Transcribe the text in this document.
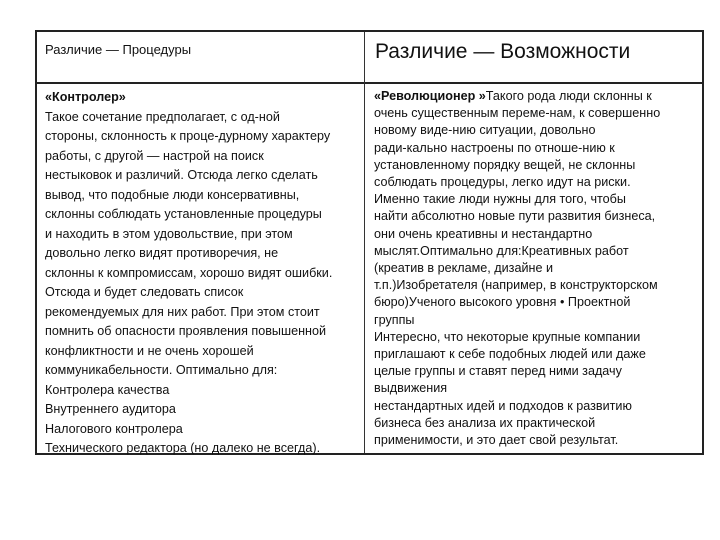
Различие — Процедуры	Различие — Возможности
«Контролер»
Такое сочетание предполагает, с од-ной
стороны, склонность к проце-дурному характеру
работы, с другой — настрой на поиск
нестыковок и различий. Отсюда легко сделать
вывод, что подобные люди консервативны,
склонны соблюдать установленные процедуры
и находить в этом удовольствие, при этом
довольно легко видят противоречия, не
склонны к компромиссам, хорошо видят ошибки.
Отсюда и будет следовать список
рекомендуемых для них работ. При этом стоит
помнить об опасности проявления повышенной
конфликтности и не очень хорошей
коммуникабельности. Оптимально для:
Контролера качества
Внутреннего аудитора
Налогового контролера
Технического редактора (но далеко не всегда).
«Революционер »Такого рода люди склонны к
очень существенным переме-нам, к совершенно
новому виде-нию ситуации, довольно
ради-кально настроены по отноше-нию к
установленному порядку вещей, не склонны
соблюдать процедуры, легко идут на риски.
Именно такие люди нужны для того, чтобы
найти абсолютно новые пути развития бизнеса,
они очень креативны и нестандартно
мыслят.Оптимально для:Креативных работ
(креатив в рекламе, дизайне и
т.п.)Изобретателя (например, в конструкторском
бюро)Ученого высокого уровня • Проектной
группы
Интересно, что некоторые крупные компании
приглашают к себе подобных людей или даже
целые группы и ставят перед ними задачу
выдвижения
нестандартных идей и подходов к развитию
бизнеса без анализа их практической
применимости, и это дает свой результат.
